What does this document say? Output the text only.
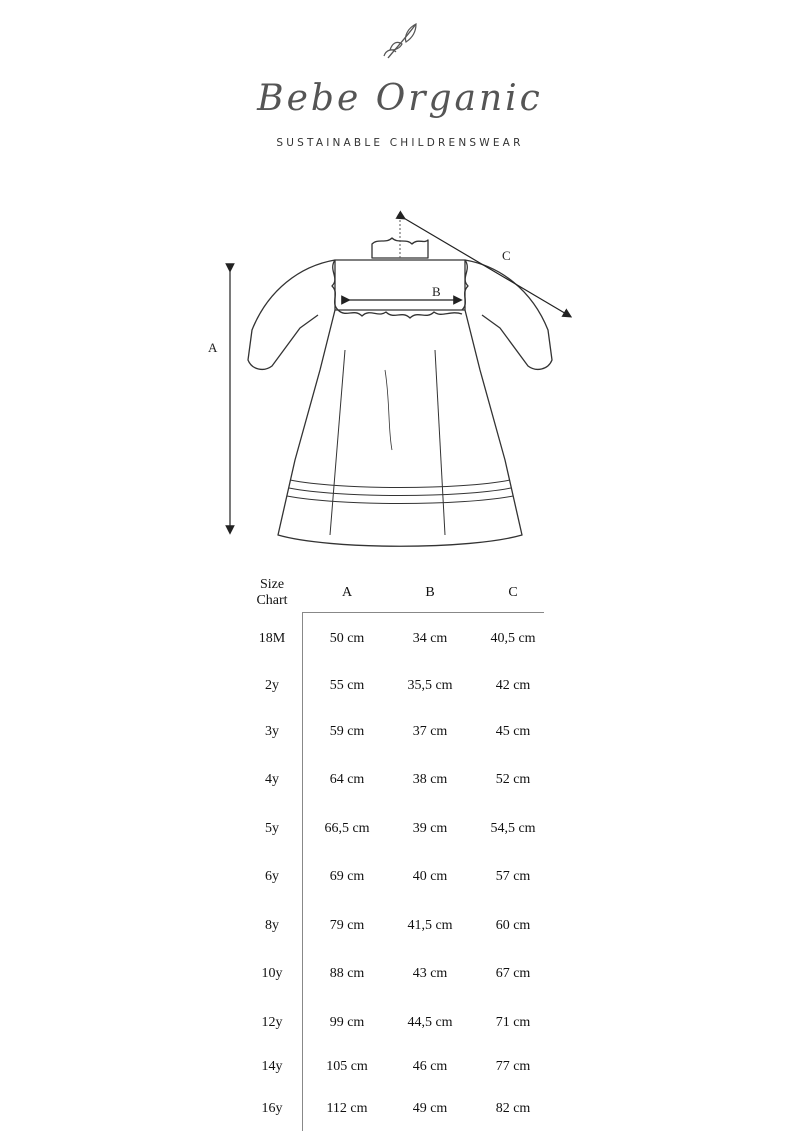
Bebe Organic
SUSTAINABLE CHILDRENSWEAR
A
B
C
Size
Chart	A	B	C
18M	50 cm	34 cm	40,5 cm
2y	55 cm	35,5 cm	42 cm
3y	59 cm	37 cm	45 cm
4y	64 cm	38 cm	52 cm
5y	66,5 cm	39 cm	54,5 cm
6y	69 cm	40 cm	57 cm
8y	79 cm	41,5 cm	60 cm
10y	88 cm	43 cm	67 cm
12y	99 cm	44,5 cm	71 cm
14y	105 cm	46 cm	77 cm
16y	112 cm	49 cm	82 cm
